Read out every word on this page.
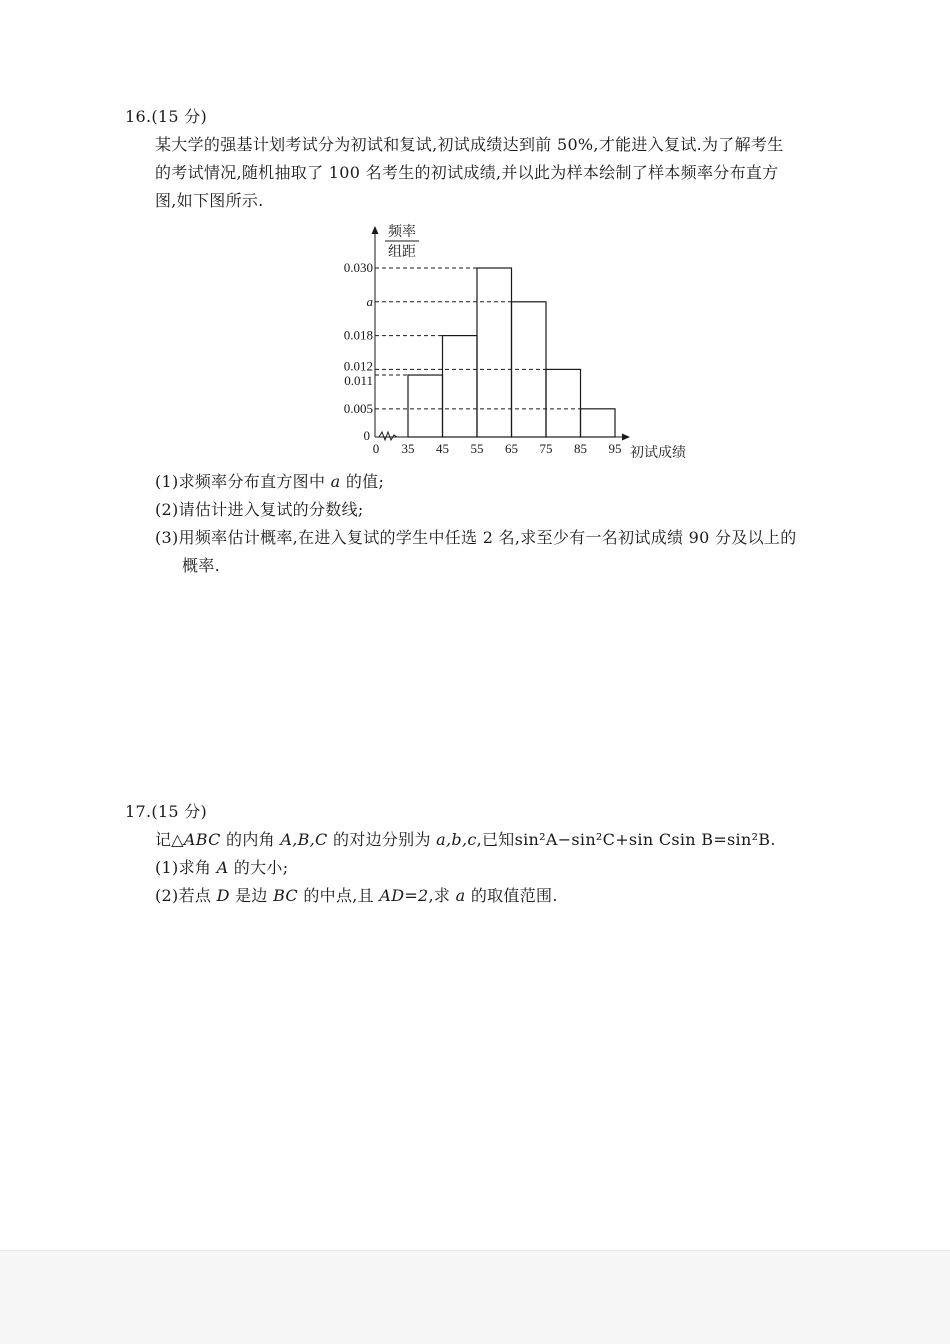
16.(15 分)
某大学的强基计划考试分为初试和复试,初试成绩达到前 50%,才能进入复试.为了解考生
的考试情况,随机抽取了 100 名考生的初试成绩,并以此为样本绘制了样本频率分布直方
图,如下图所示.
频率
组距
初试成绩
0
0
0.030
a
0.018
0.012
0.011
0.005
35 45 55 65 75 85 95
(1)求频率分布直方图中 a 的值;
(2)请估计进入复试的分数线;
(3)用频率估计概率,在进入复试的学生中任选 2 名,求至少有一名初试成绩 90 分及以上的
概率.
17.(15 分)
记△ABC 的内角 A,B,C 的对边分别为 a,b,c,已知sin²A−sin²C+sin Csin B=sin²B.
(1)求角 A 的大小;
(2)若点 D 是边 BC 的中点,且 AD=2,求 a 的取值范围.
